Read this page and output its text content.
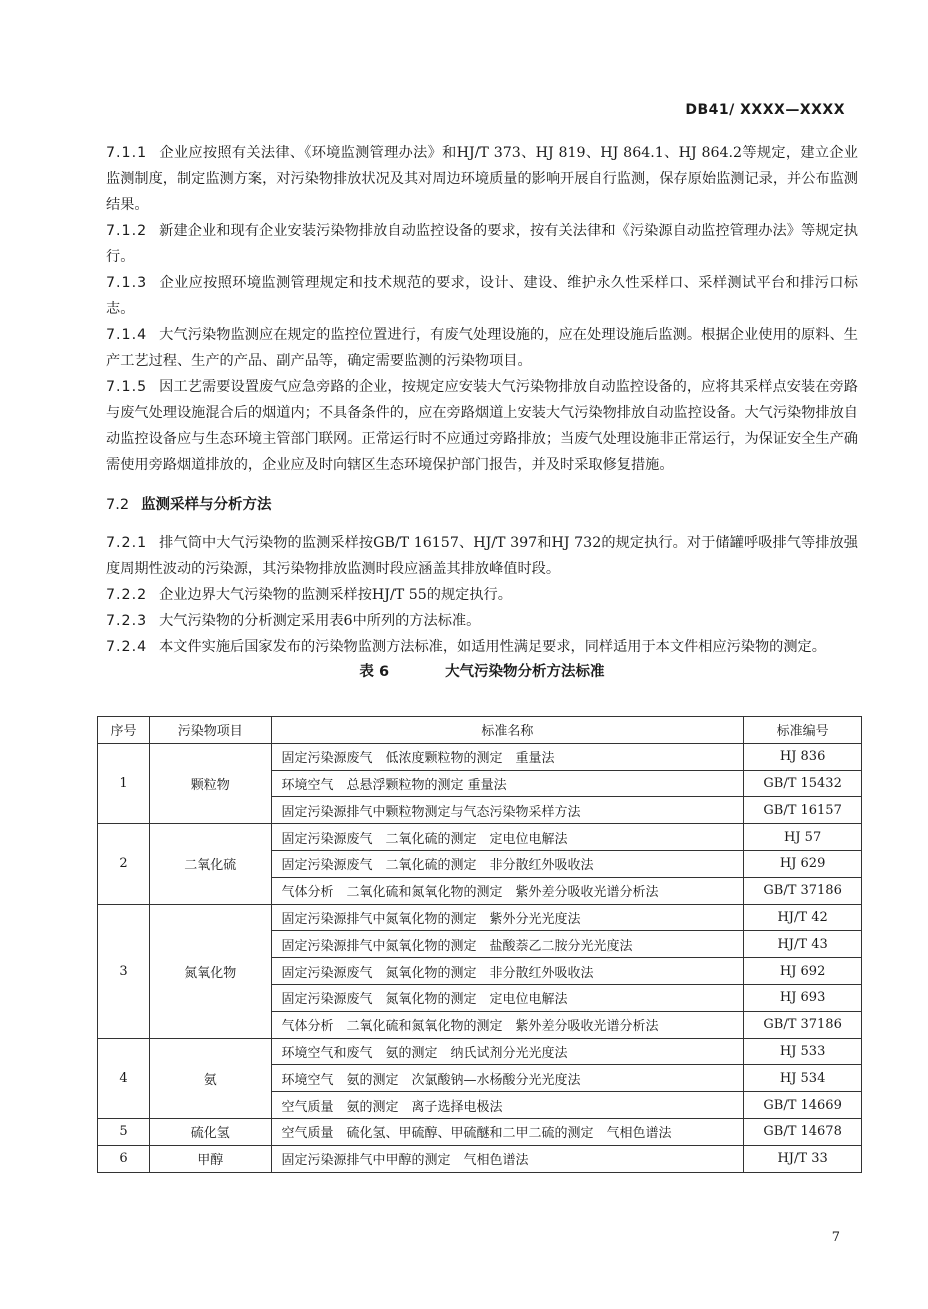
DB41/ XXXX—XXXX

7.1.1 企业应按照有关法律、《环境监测管理办法》和HJ/T 373、HJ 819、HJ 864.1、HJ 864.2等规定，建立企业监测制度，制定监测方案，对污染物排放状况及其对周边环境质量的影响开展自行监测，保存原始监测记录，并公布监测结果。

7.1.2 新建企业和现有企业安装污染物排放自动监控设备的要求，按有关法律和《污染源自动监控管理办法》等规定执行。

7.1.3 企业应按照环境监测管理规定和技术规范的要求，设计、建设、维护永久性采样口、采样测试平台和排污口标志。

7.1.4 大气污染物监测应在规定的监控位置进行，有废气处理设施的，应在处理设施后监测。根据企业使用的原料、生产工艺过程、生产的产品、副产品等，确定需要监测的污染物项目。

7.1.5 因工艺需要设置废气应急旁路的企业，按规定应安装大气污染物排放自动监控设备的，应将其采样点安装在旁路与废气处理设施混合后的烟道内；不具备条件的，应在旁路烟道上安装大气污染物排放自动监控设备。大气污染物排放自动监控设备应与生态环境主管部门联网。正常运行时不应通过旁路排放；当废气处理设施非正常运行，为保证安全生产确需使用旁路烟道排放的，企业应及时向辖区生态环境保护部门报告，并及时采取修复措施。

7.2 监测采样与分析方法

7.2.1 排气筒中大气污染物的监测采样按GB/T 16157、HJ/T 397和HJ 732的规定执行。对于储罐呼吸排气等排放强度周期性波动的污染源，其污染物排放监测时段应涵盖其排放峰值时段。

7.2.2 企业边界大气污染物的监测采样按HJ/T 55的规定执行。

7.2.3 大气污染物的分析测定采用表6中所列的方法标准。

7.2.4 本文件实施后国家发布的污染物监测方法标准，如适用性满足要求，同样适用于本文件相应污染物的测定。

表 6	大气污染物分析方法标准
序号	污染物项目	标准名称	标准编号
1	颗粒物	固定污染源废气　低浓度颗粒物的测定　重量法	HJ 836
		环境空气　总悬浮颗粒物的测定 重量法	GB/T 15432
		固定污染源排气中颗粒物测定与气态污染物采样方法	GB/T 16157
2	二氧化硫	固定污染源废气　二氧化硫的测定　定电位电解法	HJ 57
		固定污染源废气　二氧化硫的测定　非分散红外吸收法	HJ 629
		气体分析　二氧化硫和氮氧化物的测定　紫外差分吸收光谱分析法	GB/T 37186
3	氮氧化物	固定污染源排气中氮氧化物的测定　紫外分光光度法	HJ/T 42
		固定污染源排气中氮氧化物的测定　盐酸萘乙二胺分光光度法	HJ/T 43
		固定污染源废气　氮氧化物的测定　非分散红外吸收法	HJ 692
		固定污染源废气　氮氧化物的测定　定电位电解法	HJ 693
		气体分析　二氧化硫和氮氧化物的测定　紫外差分吸收光谱分析法	GB/T 37186
4	氨	环境空气和废气　氨的测定　纳氏试剂分光光度法	HJ 533
		环境空气　氨的测定　次氯酸钠—水杨酸分光光度法	HJ 534
		空气质量　氨的测定　离子选择电极法	GB/T 14669
5	硫化氢	空气质量　硫化氢、甲硫醇、甲硫醚和二甲二硫的测定　气相色谱法	GB/T 14678
6	甲醇	固定污染源排气中甲醇的测定　气相色谱法	HJ/T 33
7
